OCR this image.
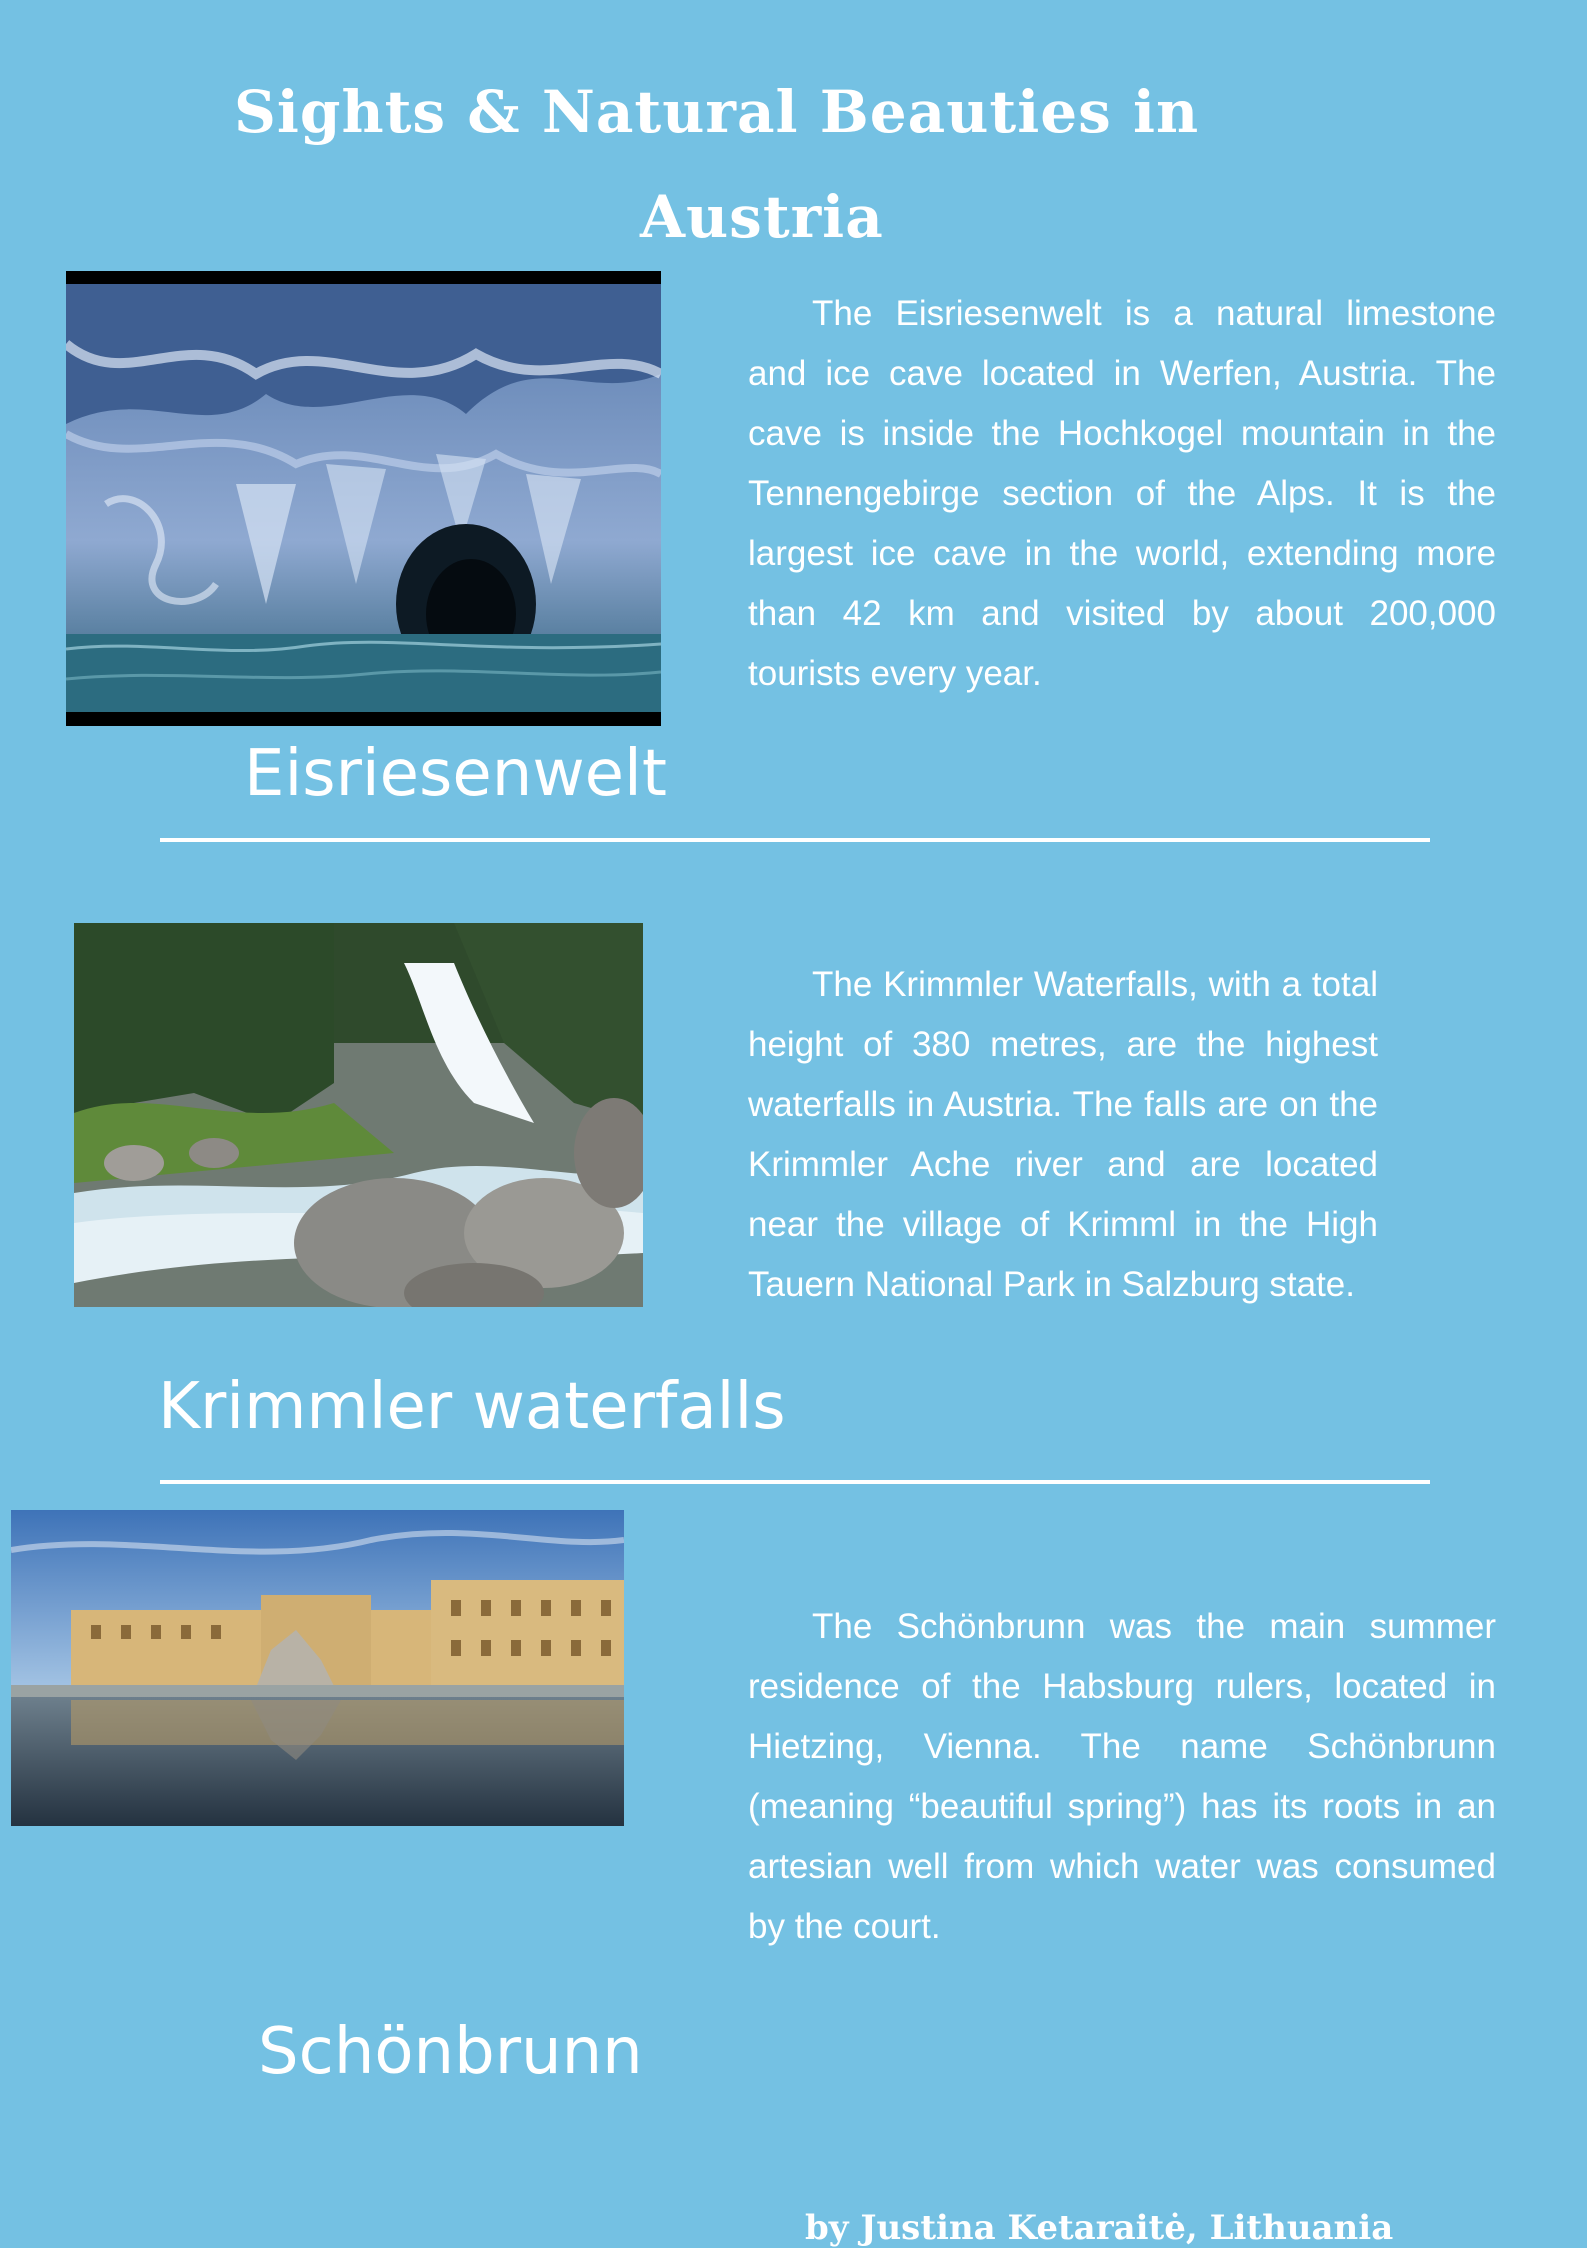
Sights & Natural Beauties in
Austria
Eisriesenwelt
The Eisriesenwelt is a natural limestone and ice cave located in Werfen, Austria. The cave is inside the Hochkogel mountain in the Tennengebirge section of the Alps. It is the largest ice cave in the world, extending more than 42 km and visited by about 200,000 tourists every year.
Krimmler waterfalls
The Krimmler Waterfalls, with a total height of 380 metres, are the highest waterfalls in Austria. The falls are on the Krimmler Ache river and are located near the village of Krimml in the High Tauern National Park in Salzburg state.
Schönbrunn
The Schönbrunn was the main summer residence of the Habsburg rulers, located in Hietzing, Vienna. The name Schönbrunn (meaning “beautiful spring”) has its roots in an artesian well from which water was consumed by the court.
by Justina Ketaraitė, Lithuania
